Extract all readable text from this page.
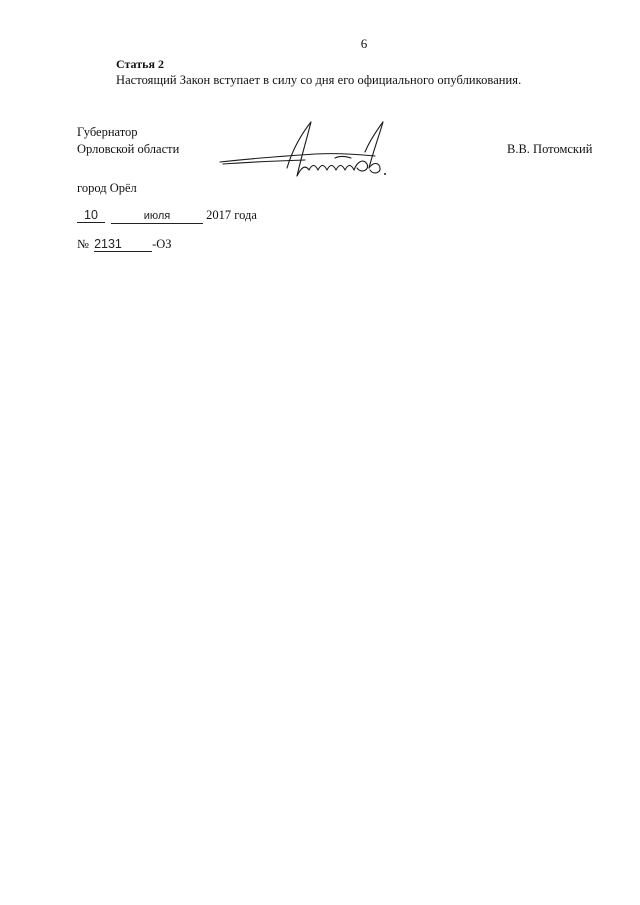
6
Статья 2
Настоящий Закон вступает в силу со дня его официального опубликования.
Губернатор
Орловской области	В.В. Потомский
город Орёл
10	июля	2017 года
№ 2131 -ОЗ
